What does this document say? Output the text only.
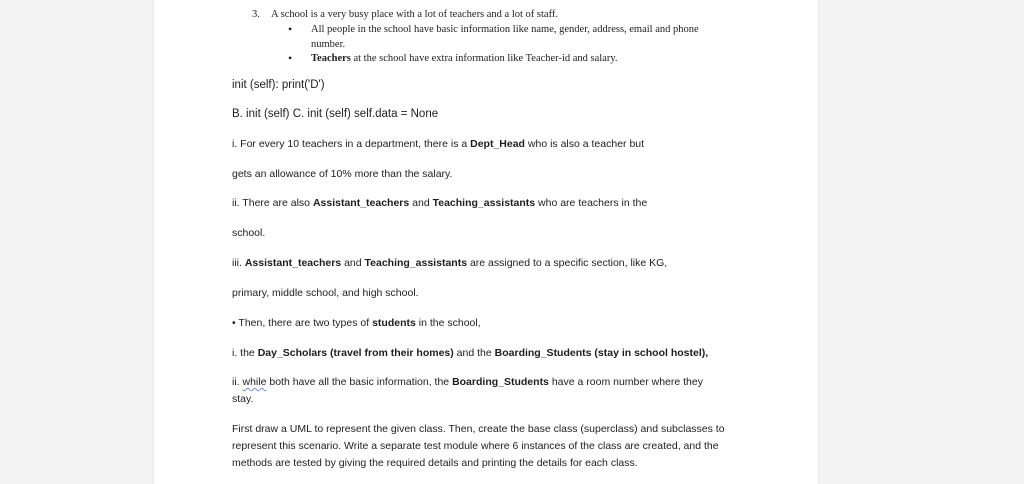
3. A school is a very busy place with a lot of teachers and a lot of staff.
• All people in the school have basic information like name, gender, address, email and phone
number.
• Teachers at the school have extra information like Teacher-id and salary.
init (self): print('D')
B. init (self) C. init (self) self.data = None
i. For every 10 teachers in a department, there is a Dept_Head who is also a teacher but
gets an allowance of 10% more than the salary.
ii. There are also Assistant_teachers and Teaching_assistants who are teachers in the
school.
iii. Assistant_teachers and Teaching_assistants are assigned to a specific section, like KG,
primary, middle school, and high school.
• Then, there are two types of students in the school,
i. the Day_Scholars (travel from their homes) and the Boarding_Students (stay in school hostel),
ii. while both have all the basic information, the Boarding_Students have a room number where they
stay.
First draw a UML to represent the given class. Then, create the base class (superclass) and subclasses to represent this scenario. Write a separate test module where 6 instances of the class are created, and the methods are tested by giving the required details and printing the details for each class.
